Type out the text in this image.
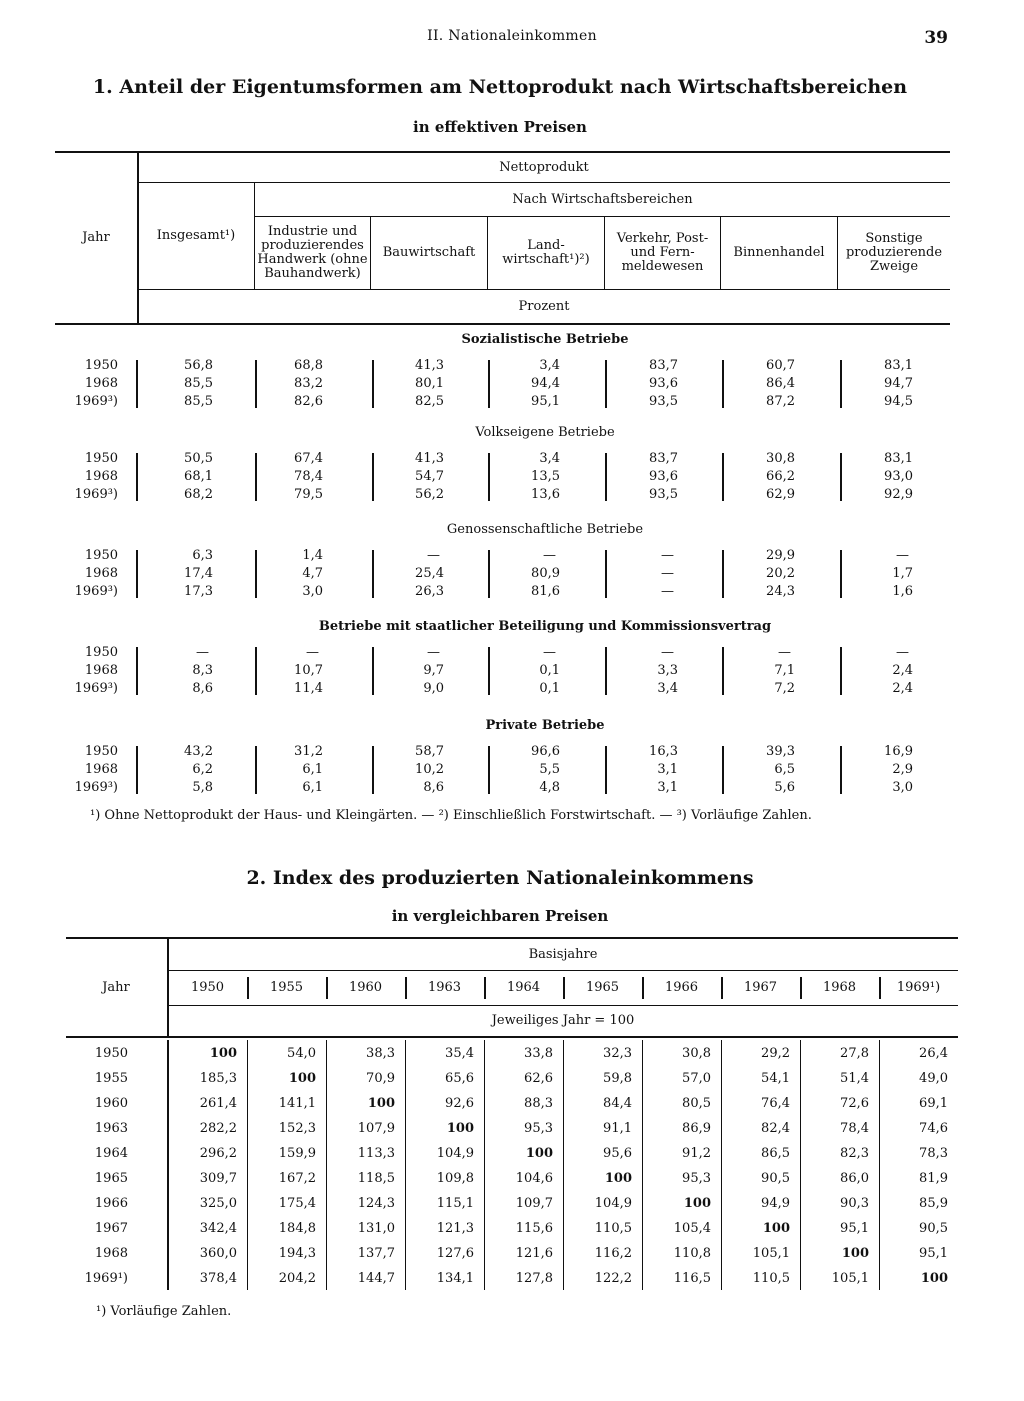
II. Nationaleinkommen	39
1. Anteil der Eigentumsformen am Nettoprodukt nach Wirtschaftsbereichen
in effektiven Preisen
Jahr
Nettoprodukt
Nach Wirtschaftsbereichen
Prozent
Insgesamt¹)	Industrie und produzierendes Handwerk (ohne Bauhandwerk)
Bauwirtschaft	Land-wirtschaft¹)²)
Verkehr, Post- und Fern-meldewesen
Binnenhandel
Sonstige produzierende Zweige
Sozialistische Betriebe
1950	56,8	68,8	41,3	3,4	83,7	60,7	83,1
1968	85,5	83,2	80,1	94,4	93,6	86,4	94,7
1969³)	85,5	82,6	82,5	95,1	93,5	87,2	94,5
Volkseigene Betriebe
1950	50,5	67,4	41,3	3,4	83,7	30,8	83,1
1968	68,1	78,4	54,7	13,5	93,6	66,2	93,0
1969³)	68,2	79,5	56,2	13,6	93,5	62,9	92,9
Genossenschaftliche Betriebe
1950	6,3	1,4	—	—	—	29,9	—
1968	17,4	4,7	25,4	80,9	—	20,2	1,7
1969³)	17,3	3,0	26,3	81,6	—	24,3	1,6
Betriebe mit staatlicher Beteiligung und Kommissionsvertrag
1950	—	—	—	—	—	—	—
1968	8,3	10,7	9,7	0,1	3,3	7,1	2,4
1969³)	8,6	11,4	9,0	0,1	3,4	7,2	2,4
Private Betriebe
1950	43,2	31,2	58,7	96,6	16,3	39,3	16,9
1968	6,2	6,1	10,2	5,5	3,1	6,5	2,9
1969³)	5,8	6,1	8,6	4,8	3,1	5,6	3,0
¹) Ohne Nettoprodukt der Haus- und Kleingärten. — ²) Einschließlich Forstwirtschaft. — ³) Vorläufige Zahlen.
2. Index des produzierten Nationaleinkommens
in vergleichbaren Preisen
Jahr
Basisjahre
Jeweiliges Jahr = 100
1950	1955	1960	1963	1964	1965	1966	1967	1968	1969¹)
1950	100	54,0	38,3	35,4	33,8	32,3	30,8	29,2	27,8	26,4
1955	185,3	100	70,9	65,6	62,6	59,8	57,0	54,1	51,4	49,0
1960	261,4	141,1	100	92,6	88,3	84,4	80,5	76,4	72,6	69,1
1963	282,2	152,3	107,9	100	95,3	91,1	86,9	82,4	78,4	74,6
1964	296,2	159,9	113,3	104,9	100	95,6	91,2	86,5	82,3	78,3
1965	309,7	167,2	118,5	109,8	104,6	100	95,3	90,5	86,0	81,9
1966	325,0	175,4	124,3	115,1	109,7	104,9	100	94,9	90,3	85,9
1967	342,4	184,8	131,0	121,3	115,6	110,5	105,4	100	95,1	90,5
1968	360,0	194,3	137,7	127,6	121,6	116,2	110,8	105,1	100	95,1
1969¹)	378,4	204,2	144,7	134,1	127,8	122,2	116,5	110,5	105,1	100
¹) Vorläufige Zahlen.
